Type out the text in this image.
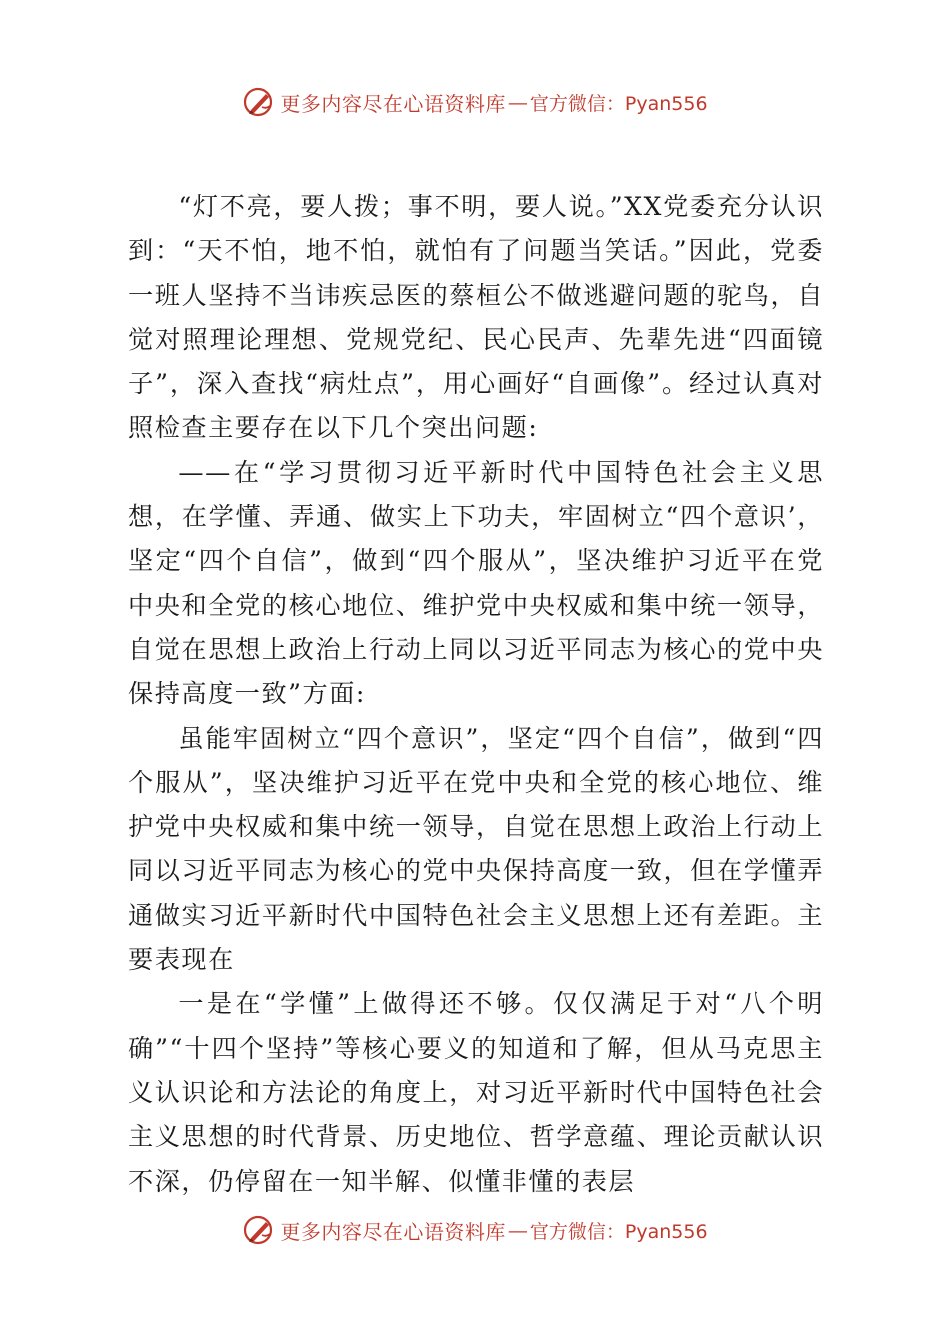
更多内容尽在心语资料库 — 官方微信：Pyan556

“灯不亮，要人拨；事不明，要人说。”XX党委充分认识到：“天不怕，地不怕，就怕有了问题当笑话。”因此，党委一班人坚持不当讳疾忌医的蔡桓公不做逃避问题的驼鸟，自觉对照理论理想、党规党纪、民心民声、先辈先进“四面镜子”，深入查找“病灶点”，用心画好“自画像”。经过认真对照检查主要存在以下几个突出问题:

——在“学习贯彻习近平新时代中国特色社会主义思想，在学懂、弄通、做实上下功夫，牢固树立“四个意识’，坚定“四个自信”，做到“四个服从”，坚决维护习近平在党中央和全党的核心地位、维护党中央权威和集中统一领导，自觉在思想上政治上行动上同以习近平同志为核心的党中央保持高度一致”方面:

虽能牢固树立“四个意识”，坚定“四个自信”，做到“四个服从”，坚决维护习近平在党中央和全党的核心地位、维护党中央权威和集中统一领导，自觉在思想上政治上行动上同以习近平同志为核心的党中央保持高度一致，但在学懂弄通做实习近平新时代中国特色社会主义思想上还有差距。主要表现在

一是在“学懂”上做得还不够。仅仅满足于对“八个明确”“十四个坚持”等核心要义的知道和了解，但从马克思主义认识论和方法论的角度上，对习近平新时代中国特色社会主义思想的时代背景、历史地位、哲学意蕴、理论贡献认识不深，仍停留在一知半解、似懂非懂的表层

更多内容尽在心语资料库 — 官方微信：Pyan556
